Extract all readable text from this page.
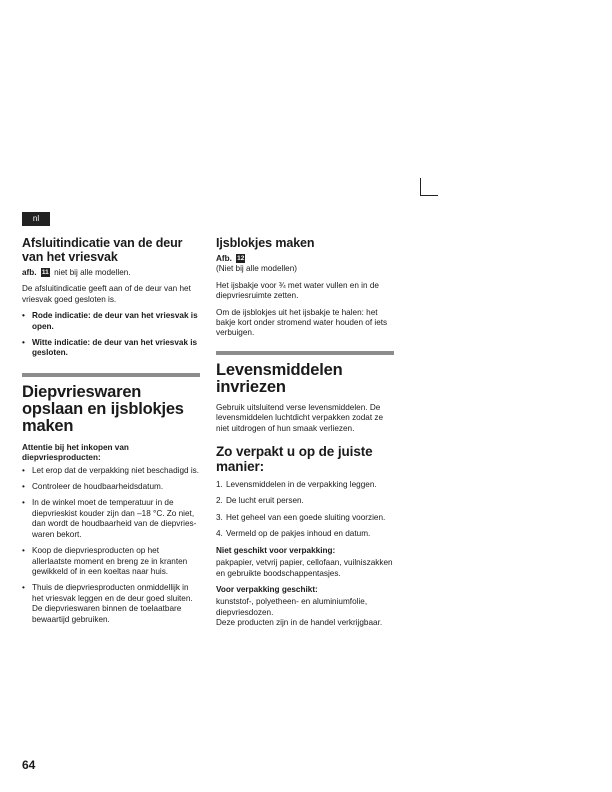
nl
Afsluitindicatie van de deur van het vriesvak

afb. 11 niet bij alle modellen.

De afsluitindicatie geeft aan of de deur van het vriesvak goed gesloten is.

• Rode indicatie: de deur van het vriesvak is open.
• Witte indicatie: de deur van het vriesvak is gesloten.
Diepvrieswaren opslaan en ijsblokjes maken

Attentie bij het inkopen van diepvriesproducten:

• Let erop dat de verpakking niet beschadigd is.
• Controleer de houdbaarheidsdatum.
• In de winkel moet de temperatuur in de diepvrieskist kouder zijn dan –18 °C. Zo niet, dan wordt de houdbaarheid van de diepvries-
waren bekort.
• Koop de diepvriesproducten op het allerlaatste moment en breng ze in kranten gewikkeld of in een koeltas naar huis.
• Thuis de diepvriesproducten onmiddellijk in het vriesvak leggen en de deur goed sluiten.
De diepvrieswaren binnen de toelaatbare bewaartijd gebruiken.
Ijsblokjes maken

Afb. 12

(Niet bij alle modellen)

Het ijsbakje voor ¾ met water vullen en in de diepvriesruimte zetten.

Om de ijsblokjes uit het ijsbakje te halen: het bakje kort onder stromend water houden of iets verbuigen.

Levensmiddelen invriezen

Gebruik uitsluitend verse levensmiddelen. De levensmiddelen luchtdicht verpakken zodat ze niet uitdrogen of hun smaak verliezen.

Zo verpakt u op de juiste manier:
1. Levensmiddelen in de verpakking leggen.
2. De lucht eruit persen.
3. Het geheel van een goede sluiting voorzien.
4. Vermeld op de pakjes inhoud en datum.

Niet geschikt voor verpakking:

pakpapier, vetvrij papier, cellofaan, vuilniszakken en gebruikte boodschappentasjes.

Voor verpakking geschikt:

kunststof-, polyetheen- en aluminiumfolie, diepvriesdozen.

Deze producten zijn in de handel verkrijgbaar.

64
